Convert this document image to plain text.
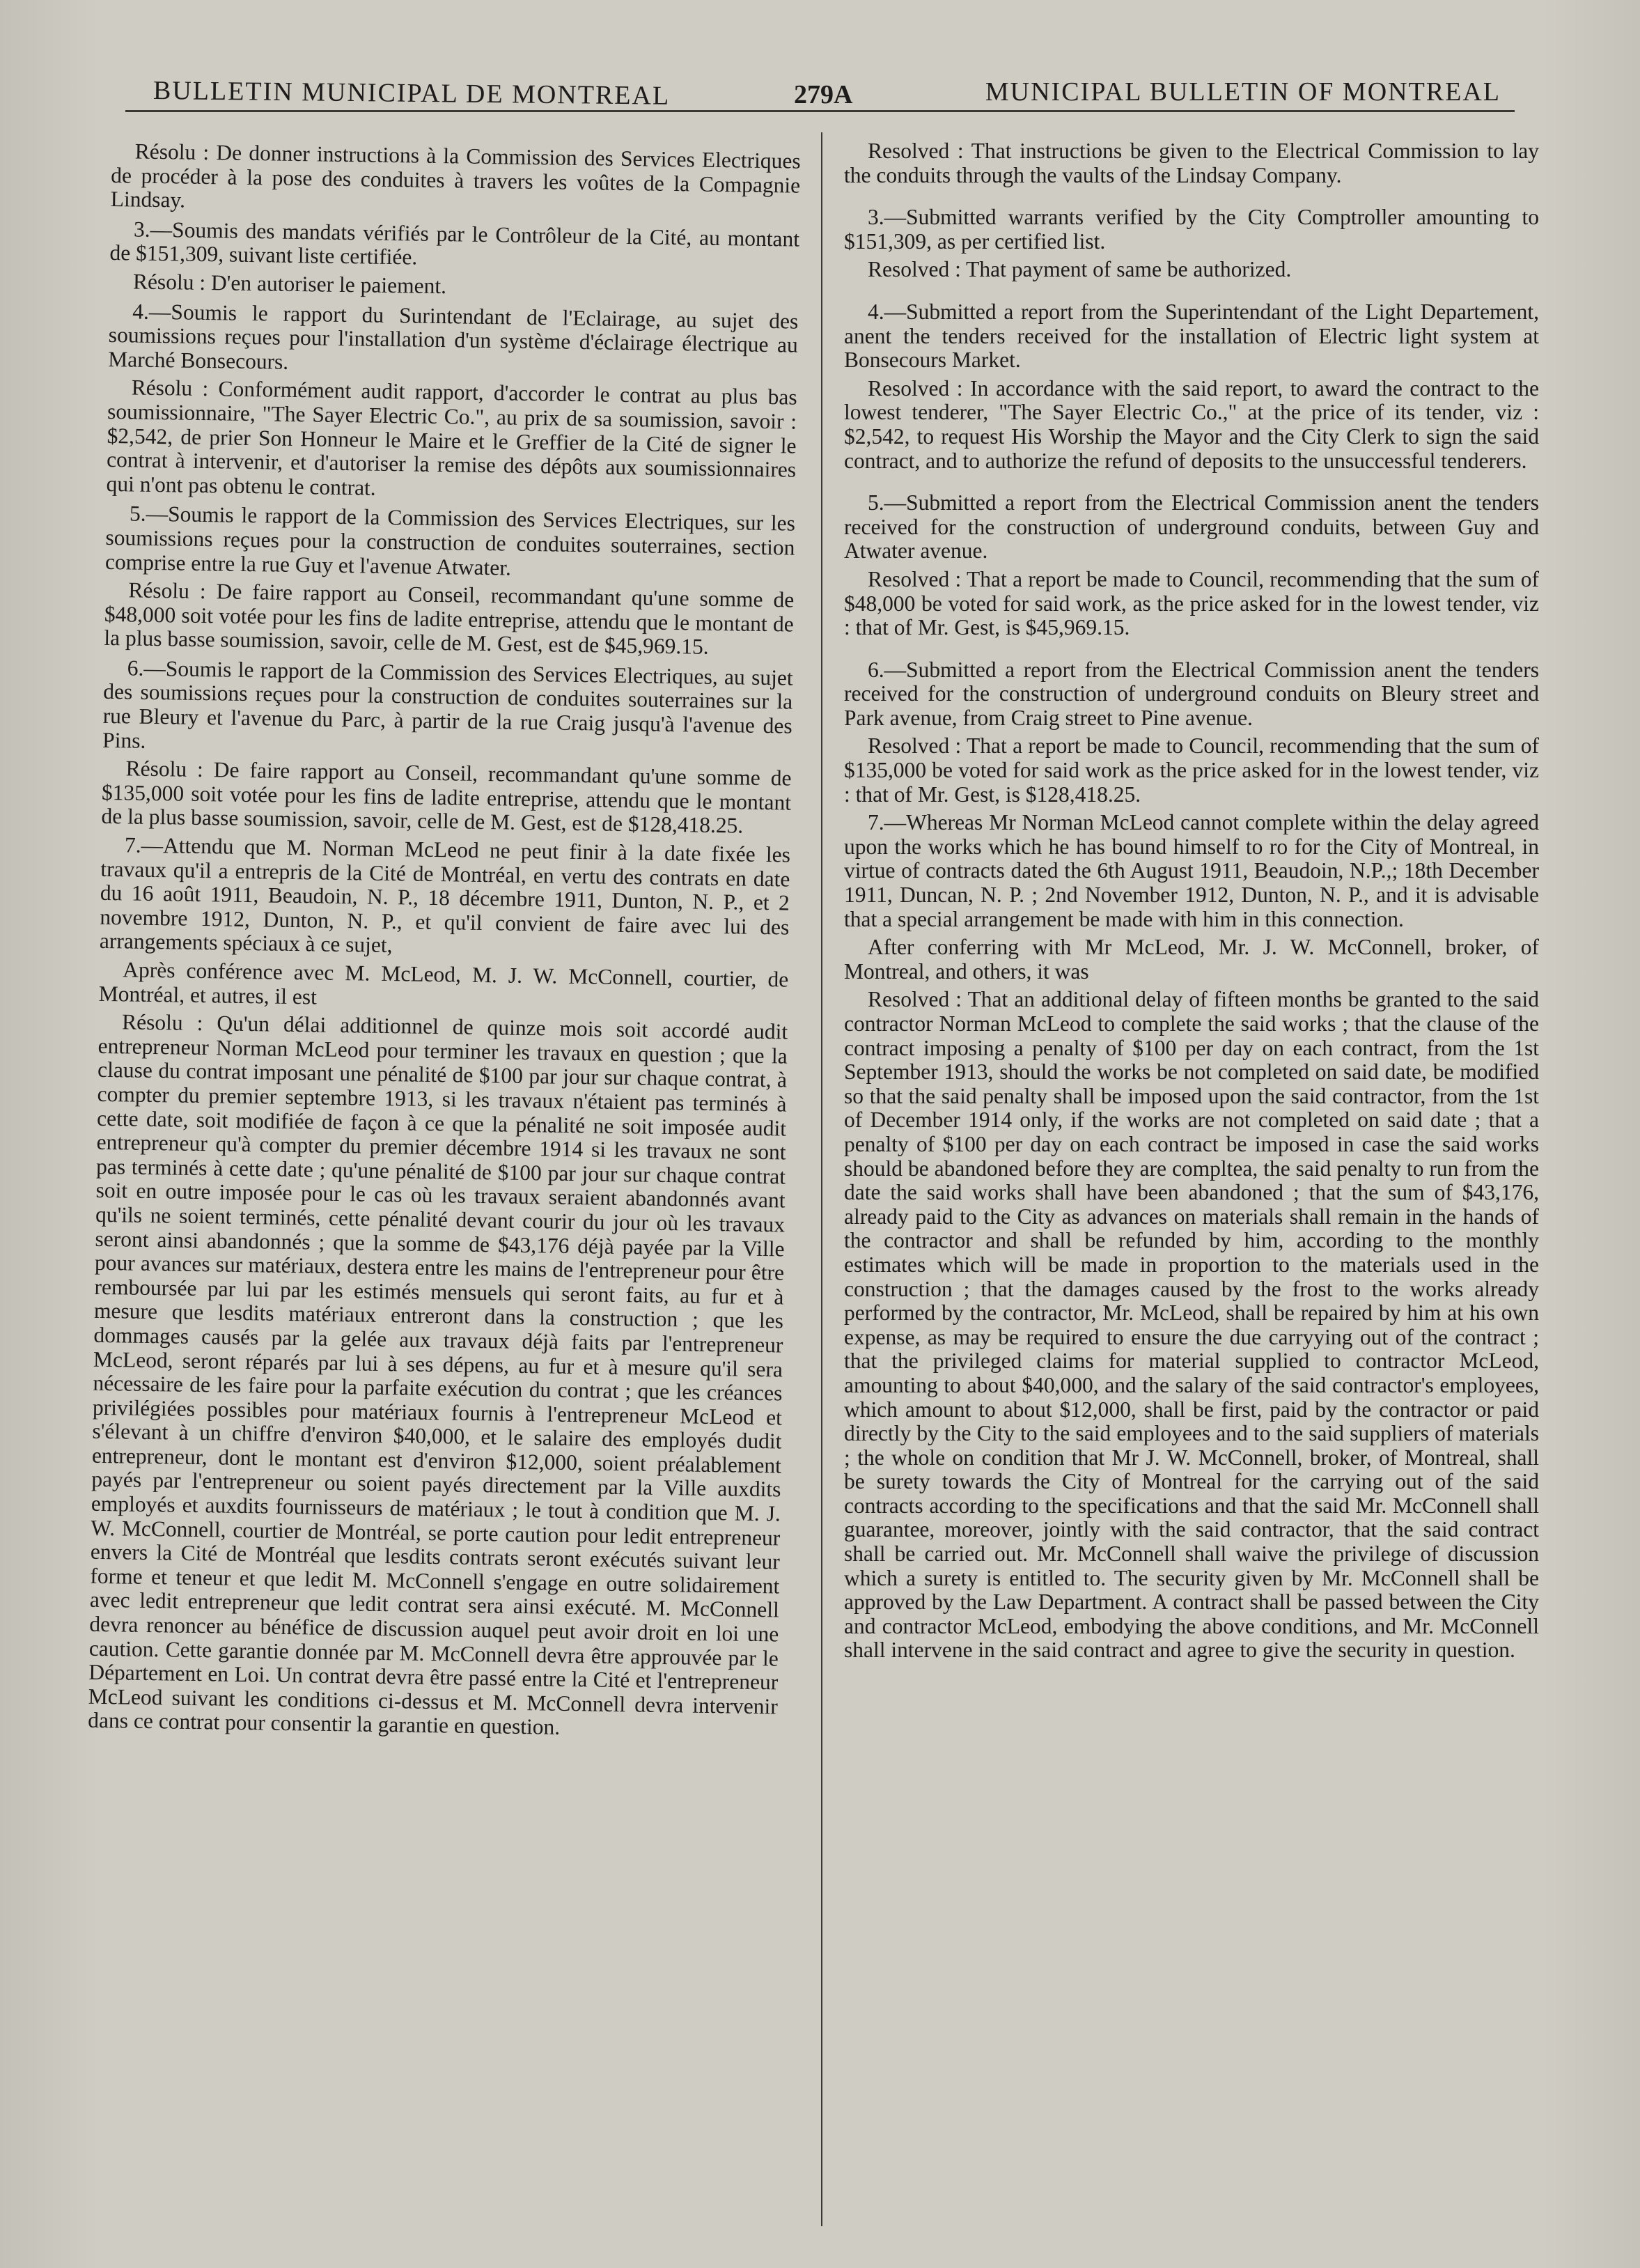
BULLETIN MUNICIPAL DE MONTREAL	279A	MUNICIPAL BULLETIN OF MONTREAL

Résolu : De donner instructions à la Commission des Services Electriques de procéder à la pose des conduites à travers les voûtes de la Compagnie Lindsay.

3.—Soumis des mandats vérifiés par le Contrôleur de la Cité, au montant de $151,309, suivant liste certifiée.

Résolu : D'en autoriser le paiement.

4.—Soumis le rapport du Surintendant de l'Eclairage, au sujet des soumissions reçues pour l'installation d'un système d'éclairage électrique au Marché Bonsecours.

Résolu : Conformément audit rapport, d'accorder le contrat au plus bas soumissionnaire, "The Sayer Electric Co.", au prix de sa soumission, savoir : $2,542, de prier Son Honneur le Maire et le Greffier de la Cité de signer le contrat à intervenir, et d'autoriser la remise des dépôts aux soumissionnaires qui n'ont pas obtenu le contrat.

5.—Soumis le rapport de la Commission des Services Electriques, sur les soumissions reçues pour la construction de conduites souterraines, section comprise entre la rue Guy et l'avenue Atwater.

Résolu : De faire rapport au Conseil, recommandant qu'une somme de $48,000 soit votée pour les fins de ladite entreprise, attendu que le montant de la plus basse soumission, savoir, celle de M. Gest, est de $45,969.15.

6.—Soumis le rapport de la Commission des Services Electriques, au sujet des soumissions reçues pour la construction de conduites souterraines sur la rue Bleury et l'avenue du Parc, à partir de la rue Craig jusqu'à l'avenue des Pins.

Résolu : De faire rapport au Conseil, recommandant qu'une somme de $135,000 soit votée pour les fins de ladite entreprise, attendu que le montant de la plus basse soumission, savoir, celle de M. Gest, est de $128,418.25.

7.—Attendu que M. Norman McLeod ne peut finir à la date fixée les travaux qu'il a entrepris de la Cité de Montréal, en vertu des contrats en date du 16 août 1911, Beaudoin, N. P., 18 décembre 1911, Dunton, N. P., et 2 novembre 1912, Dunton, N. P., et qu'il convient de faire avec lui des arrangements spéciaux à ce sujet,

Après conférence avec M. McLeod, M. J. W. McConnell, courtier, de Montréal, et autres, il est

Résolu : Qu'un délai additionnel de quinze mois soit accordé audit entrepreneur Norman McLeod pour terminer les travaux en question ; que la clause du contrat imposant une pénalité de $100 par jour sur chaque contrat, à compter du premier septembre 1913, si les travaux n'étaient pas terminés à cette date, soit modifiée de façon à ce que la pénalité ne soit imposée audit entrepreneur qu'à compter du premier décembre 1914 si les travaux ne sont pas terminés à cette date ; qu'une pénalité de $100 par jour sur chaque contrat soit en outre imposée pour le cas où les travaux seraient abandonnés avant qu'ils ne soient terminés, cette pénalité devant courir du jour où les travaux seront ainsi abandonnés ; que la somme de $43,176 déjà payée par la Ville pour avances sur matériaux, destera entre les mains de l'entrepreneur pour être remboursée par lui par les estimés mensuels qui seront faits, au fur et à mesure que lesdits matériaux entreront dans la construction ; que les dommages causés par la gelée aux travaux déjà faits par l'entrepreneur McLeod, seront réparés par lui à ses dépens, au fur et à mesure qu'il sera nécessaire de les faire pour la parfaite exécution du contrat ; que les créances privilégiées possibles pour matériaux fournis à l'entrepreneur McLeod et s'élevant à un chiffre d'environ $40,000, et le salaire des employés dudit entrepreneur, dont le montant est d'environ $12,000, soient préalablement payés par l'entrepreneur ou soient payés directement par la Ville auxdits employés et auxdits fournisseurs de matériaux ; le tout à condition que M. J. W. McConnell, courtier de Montréal, se porte caution pour ledit entrepreneur envers la Cité de Montréal que lesdits contrats seront exécutés suivant leur forme et teneur et que ledit M. McConnell s'engage en outre solidairement avec ledit entrepreneur que ledit contrat sera ainsi exécuté. M. McConnell devra renoncer au bénéfice de discussion auquel peut avoir droit en loi une caution. Cette garantie donnée par M. McConnell devra être approuvée par le Département en Loi. Un contrat devra être passé entre la Cité et l'entrepreneur McLeod suivant les conditions ci-dessus et M. McConnell devra intervenir dans ce contrat pour consentir la garantie en question.

Resolved : That instructions be given to the Electrical Commission to lay the conduits through the vaults of the Lindsay Company.

3.—Submitted warrants verified by the City Comptroller amounting to $151,309, as per certified list.

Resolved : That payment of same be authorized.

4.—Submitted a report from the Superintendant of the Light Departement, anent the tenders received for the installation of Electric light system at Bonsecours Market.

Resolved : In accordance with the said report, to award the contract to the lowest tenderer, "The Sayer Electric Co.," at the price of its tender, viz : $2,542, to request His Worship the Mayor and the City Clerk to sign the said contract, and to authorize the refund of deposits to the unsuccessful tenderers.

5.—Submitted a report from the Electrical Commission anent the tenders received for the construction of underground conduits, between Guy and Atwater avenue.

Resolved : That a report be made to Council, recommending that the sum of $48,000 be voted for said work, as the price asked for in the lowest tender, viz : that of Mr. Gest, is $45,969.15.

6.—Submitted a report from the Electrical Commission anent the tenders received for the construction of underground conduits on Bleury street and Park avenue, from Craig street to Pine avenue.

Resolved : That a report be made to Council, recommending that the sum of $135,000 be voted for said work as the price asked for in the lowest tender, viz : that of Mr. Gest, is $128,418.25.

7.—Whereas Mr Norman McLeod cannot complete within the delay agreed upon the works which he has bound himself to ro for the City of Montreal, in virtue of contracts dated the 6th August 1911, Beaudoin, N.P.,; 18th December 1911, Duncan, N. P. ; 2nd November 1912, Dunton, N. P., and it is advisable that a special arrangement be made with him in this connection.

After conferring with Mr McLeod, Mr. J. W. McConnell, broker, of Montreal, and others, it was

Resolved : That an additional delay of fifteen months be granted to the said contractor Norman McLeod to complete the said works ; that the clause of the contract imposing a penalty of $100 per day on each contract, from the 1st September 1913, should the works be not completed on said date, be modified so that the said penalty shall be imposed upon the said contractor, from the 1st of December 1914 only, if the works are not completed on said date ; that a penalty of $100 per day on each contract be imposed in case the said works should be abandoned before they are compltea, the said penalty to run from the date the said works shall have been abandoned ; that the sum of $43,176, already paid to the City as advances on materials shall remain in the hands of the contractor and shall be refunded by him, according to the monthly estimates which will be made in proportion to the materials used in the construction ; that the damages caused by the frost to the works already performed by the contractor, Mr. McLeod, shall be repaired by him at his own expense, as may be required to ensure the due carryying out of the contract ; that the privileged claims for material supplied to contractor McLeod, amounting to about $40,000, and the salary of the said contractor's employees, which amount to about $12,000, shall be first, paid by the contractor or paid directly by the City to the said employees and to the said suppliers of materials ; the whole on condition that Mr J. W. McConnell, broker, of Montreal, shall be surety towards the City of Montreal for the carrying out of the said contracts according to the specifications and that the said Mr. McConnell shall guarantee, moreover, jointly with the said contractor, that the said contract shall be carried out. Mr. McConnell shall waive the privilege of discussion which a surety is entitled to. The security given by Mr. McConnell shall be approved by the Law Department. A contract shall be passed between the City and contractor McLeod, embodying the above conditions, and Mr. McConnell shall intervene in the said contract and agree to give the security in question.
